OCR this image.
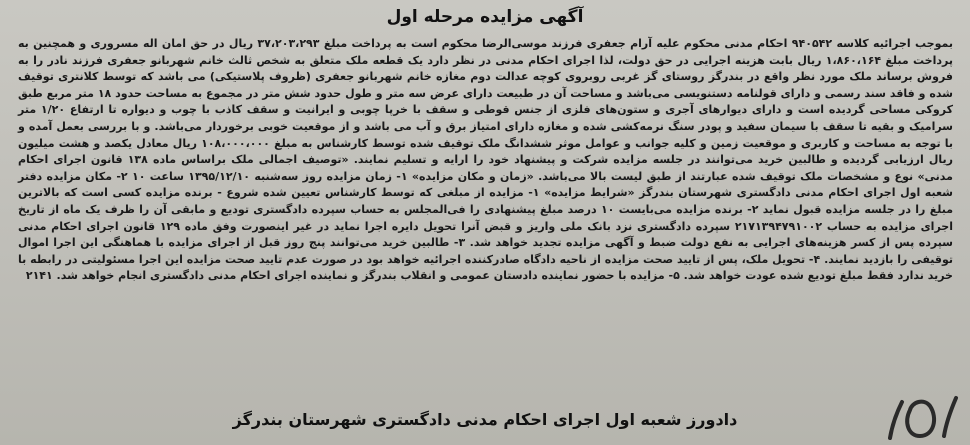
آگهی مزایده مرحله اول

بموجب اجرائیه کلاسه ۹۴۰۵۴۲ احکام مدنی محکوم علیه آرام جعفری فرزند موسی‌الرضا محکوم است به پرداخت مبلغ ۳۷،۲۰۳،۲۹۳ ریال در حق امان اله مسروری و همچنین به پرداخت مبلغ ۱،۸۶۰،۱۶۴ ریال بابت هزینه اجرایی در حق دولت، لذا اجرای احکام مدنی در نظر دارد یک قطعه ملک متعلق به شخص ثالث خانم شهربانو جعفری فرزند نادر را به فروش برساند ملک مورد نظر واقع در بندرگز روستای گز غربی روبروی کوچه عدالت دوم مغازه خانم شهربانو جعفری (ظروف پلاستیکی) می باشد که توسط کلانتری توقیف شده و فاقد سند رسمی و دارای قولنامه دستنویسی می‌باشد و مساحت آن در طبیعت دارای عرض سه متر و طول حدود شش متر در مجموع به مساحت حدود ۱۸ متر مربع طبق کروکی مساحی گردیده است و دارای دیوارهای آجری و ستون‌های فلزی از جنس قوطی و سقف با خرپا چوبی و ایرانیت و سقف کاذب با چوب و دیواره تا ارتفاع ۱/۲۰ متر سرامیک و بقیه تا سقف با سیمان سفید و پودر سنگ نرمه‌کشی شده و مغازه دارای امتیاز برق و آب می باشد و از موقعیت خوبی برخوردار می‌باشد. و با بررسی بعمل آمده و با توجه به مساحت و کاربری و موقعیت زمین و کلیه جوانب و عوامل موثر ششدانگ ملک توقیف شده توسط کارشناس به مبلغ ۱۰۸،۰۰۰،۰۰۰ ریال معادل یکصد و هشت میلیون ریال ارزیابی گردیده و طالبین خرید می‌توانند در جلسه مزایده شرکت و پیشنهاد خود را ارایه و تسلیم نمایند. «توصیف اجمالی ملک براساس ماده ۱۳۸ قانون اجرای احکام مدنی» نوع و مشخصات ملک توقیف شده عبارتند از طبق لیست بالا می‌باشد. «زمان و مکان مزایده» ۱- زمان مزایده روز سه‌شنبه ۱۳۹۵/۱۲/۱۰ ساعت ۱۰ ۲- مکان مزایده دفتر شعبه اول اجرای احکام مدنی دادگستری شهرستان بندرگز «شرایط مزایده» ۱- مزایده از مبلغی که توسط کارشناس تعیین شده شروع - برنده مزایده کسی است که بالاترین مبلغ را در جلسه مزایده قبول نماید ۲- برنده مزایده می‌بایست ۱۰ درصد مبلغ پیشنهادی را فی‌المجلس به حساب سپرده دادگستری تودیع و مابقی آن را ظرف یک ماه از تاریخ اجرای مزایده به حساب ۲۱۷۱۳۹۴۷۹۱۰۰۲ سپرده دادگستری نزد بانک ملی واریز و قبض آنرا تحویل دایره اجرا نماید در غیر اینصورت وفق ماده ۱۲۹ قانون اجرای احکام مدنی سپرده پس از کسر هزینه‌های اجرایی به نفع دولت ضبط و آگهی مزایده تجدید خواهد شد. ۳- طالبین خرید می‌توانند پنج روز قبل از اجرای مزایده با هماهنگی این اجرا اموال توقیفی را بازدید نمایند. ۴- تحویل ملک، پس از تایید صحت مزایده از ناحیه دادگاه صادرکننده اجرائیه خواهد بود در صورت عدم تایید صحت مزایده این اجرا مسئولیتی در رابطه با خرید ندارد فقط مبلغ تودیع شده عودت خواهد شد. ۵- مزایده با حضور نماینده دادستان عمومی و انقلاب بندرگز و نماینده اجرای احکام مدنی دادگستری انجام خواهد شد. ۲۱۴۱

دادورز شعبه اول اجرای احکام مدنی دادگستری شهرستان بندرگز
